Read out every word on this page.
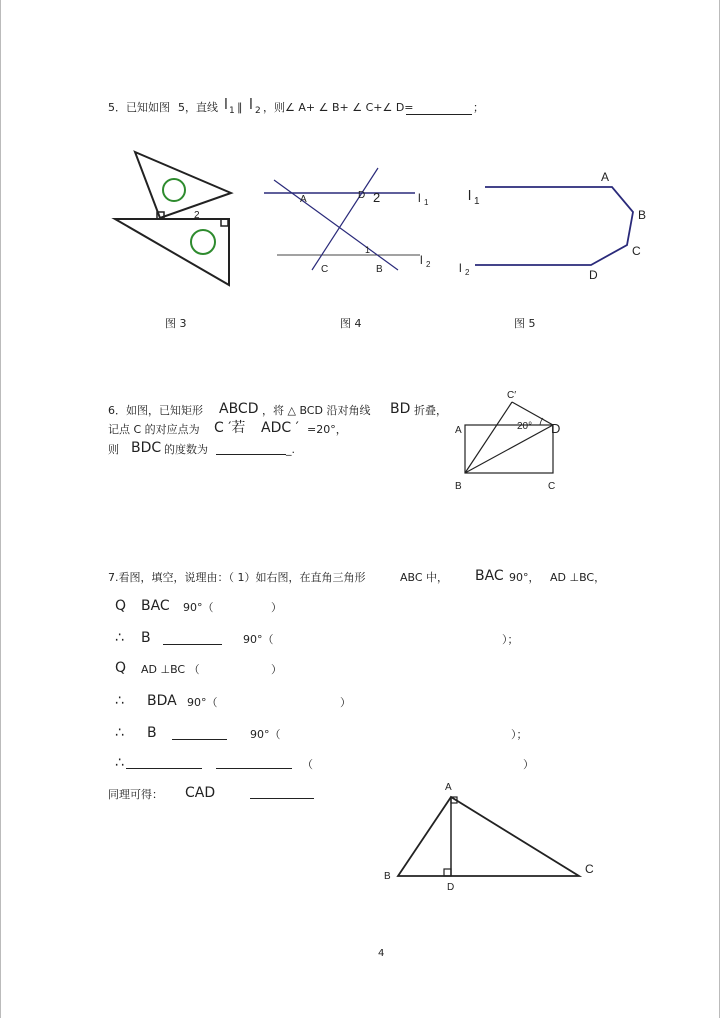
5．已知如图 5，直线 l 1 ∥ l 2 ，则∠ A+ ∠ B+ ∠ C+∠ D=	；
2
图 3
A	D 2
1
C	B
l 1
l 2
图 4
A
B
C
D
l 1
l 2
图 5
6．如图，已知矩形 ABCD ，将 △ BCD 沿对角线 BD 折叠，
记点 C 的对应点为 C ′若 ADC ′ =20°，
则 BDC 的度数为	_.
C′
20°
A	D
B	C
7.看图，填空，说理由：（ 1）如右图，在直角三角形	ABC 中， BAC 90°， AD ⊥BC，
Q BAC 90°（	）
∴ B	90°（	）；
Q AD ⊥BC （	）
∴ BDA 90°（	）
∴ B	90°（	）；
∴	（	）
同理可得： CAD	A
B
C
D
4
